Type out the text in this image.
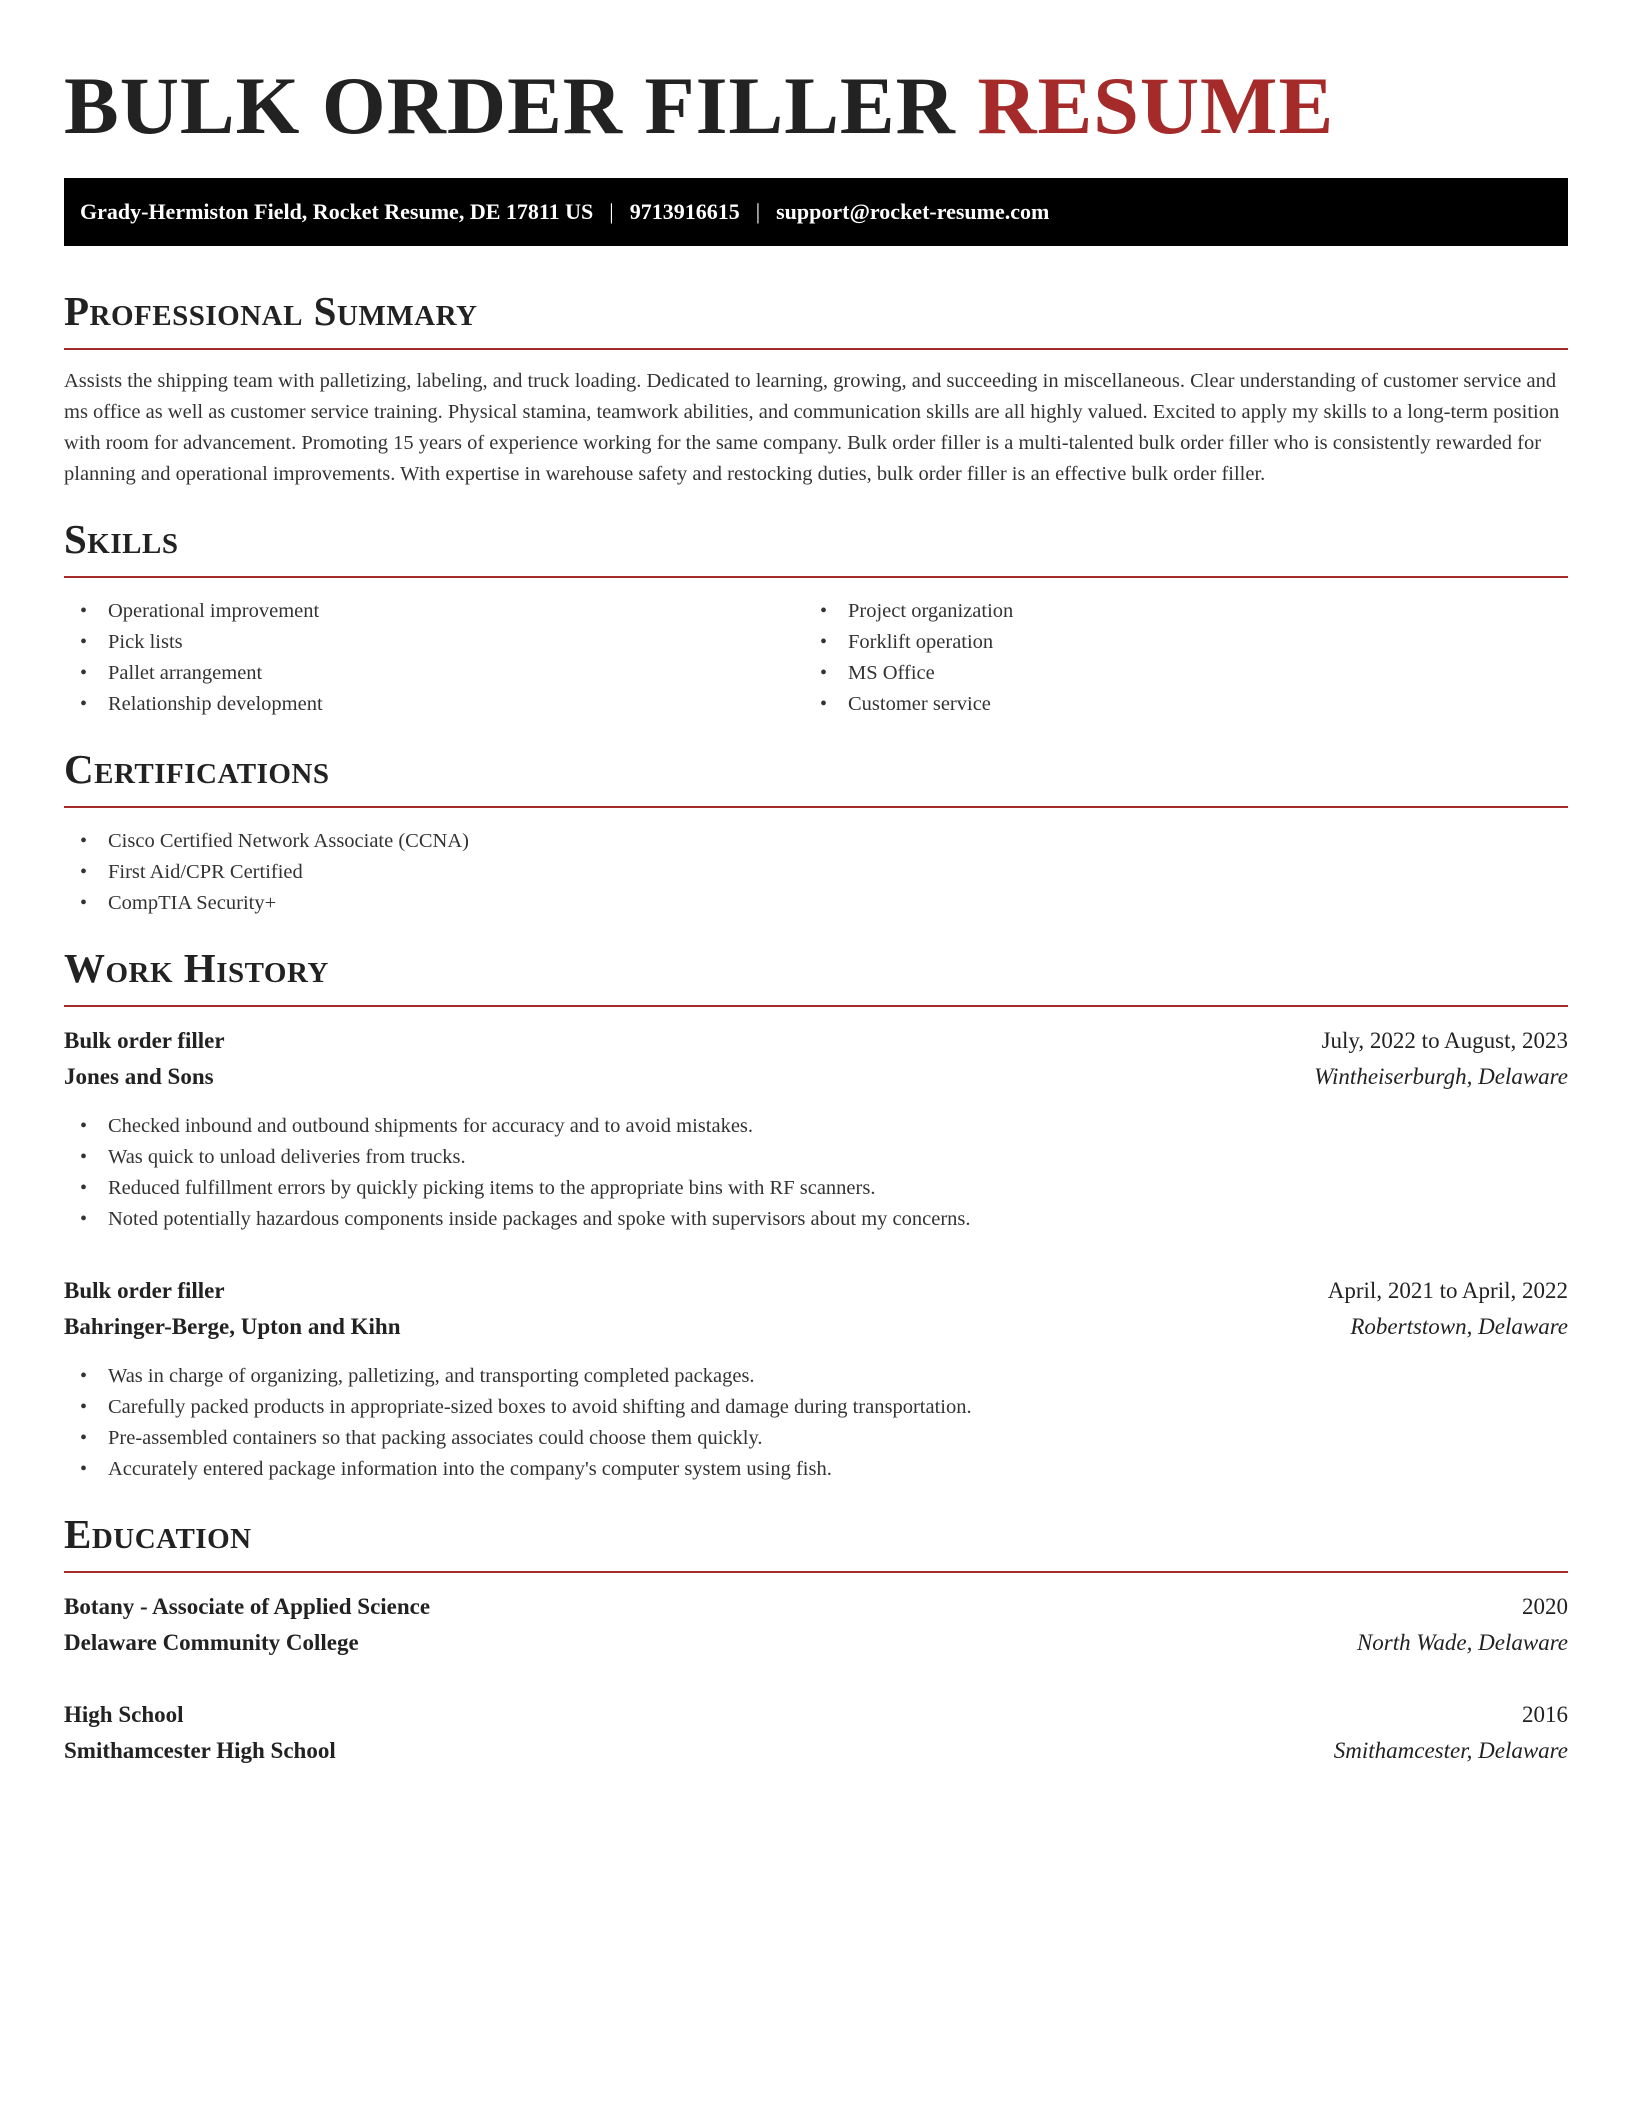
BULK ORDER FILLER RESUME
Grady-Hermiston Field, Rocket Resume, DE 17811 US | 9713916615 | support@rocket-resume.com
Professional Summary

Assists the shipping team with palletizing, labeling, and truck loading. Dedicated to learning, growing, and succeeding in miscellaneous. Clear understanding of customer service and ms office as well as customer service training. Physical stamina, teamwork abilities, and communication skills are all highly valued. Excited to apply my skills to a long-term position with room for advancement. Promoting 15 years of experience working for the same company. Bulk order filler is a multi-talented bulk order filler who is consistently rewarded for planning and operational improvements. With expertise in warehouse safety and restocking duties, bulk order filler is an effective bulk order filler.

Skills
• Operational improvement
• Pick lists
• Pallet arrangement
• Relationship development
• Project organization
• Forklift operation
• MS Office
• Customer service
Certifications
• Cisco Certified Network Associate (CCNA)
• First Aid/CPR Certified
• CompTIA Security+
Work History
Bulk order filler	July, 2022 to August, 2023
Jones and Sons	Wintheiserburgh, Delaware
• Checked inbound and outbound shipments for accuracy and to avoid mistakes.
• Was quick to unload deliveries from trucks.
• Reduced fulfillment errors by quickly picking items to the appropriate bins with RF scanners.
• Noted potentially hazardous components inside packages and spoke with supervisors about my concerns.
Bulk order filler	April, 2021 to April, 2022
Bahringer-Berge, Upton and Kihn	Robertstown, Delaware
• Was in charge of organizing, palletizing, and transporting completed packages.
• Carefully packed products in appropriate-sized boxes to avoid shifting and damage during transportation.
• Pre-assembled containers so that packing associates could choose them quickly.
• Accurately entered package information into the company's computer system using fish.
Education
Botany - Associate of Applied Science	2020
Delaware Community College	North Wade, Delaware
High School	2016
Smithamcester High School	Smithamcester, Delaware
